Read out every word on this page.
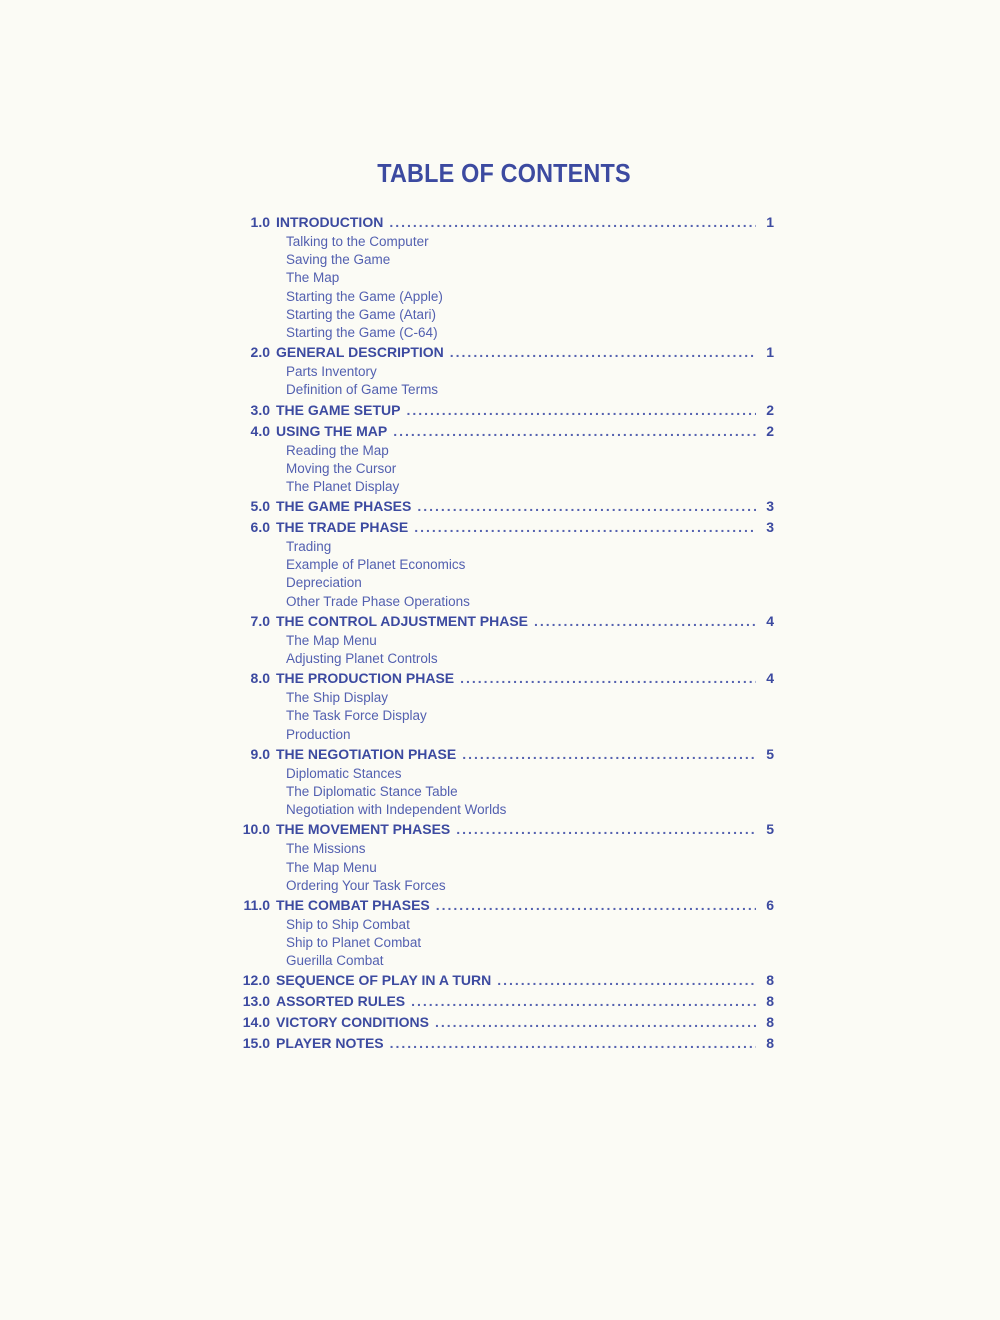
TABLE OF CONTENTS
1.0 INTRODUCTION .....	1
Talking to the Computer
Saving the Game
The Map
Starting the Game (Apple)
Starting the Game (Atari)
Starting the Game (C-64)
2.0 GENERAL DESCRIPTION .....	1
Parts Inventory
Definition of Game Terms
3.0 THE GAME SETUP .....	2
4.0 USING THE MAP .....	2
Reading the Map
Moving the Cursor
The Planet Display
5.0 THE GAME PHASES .....	3
6.0 THE TRADE PHASE .....	3
Trading
Example of Planet Economics
Depreciation
Other Trade Phase Operations
7.0 THE CONTROL ADJUSTMENT PHASE .....	4
The Map Menu
Adjusting Planet Controls
8.0 THE PRODUCTION PHASE .....	4
The Ship Display
The Task Force Display
Production
9.0 THE NEGOTIATION PHASE .....	5
Diplomatic Stances
The Diplomatic Stance Table
Negotiation with Independent Worlds
10.0 THE MOVEMENT PHASES .....	5
The Missions
The Map Menu
Ordering Your Task Forces
11.0 THE COMBAT PHASES .....	6
Ship to Ship Combat
Ship to Planet Combat
Guerilla Combat
12.0 SEQUENCE OF PLAY IN A TURN .....	8
13.0 ASSORTED RULES .....	8
14.0 VICTORY CONDITIONS .....	8
15.0 PLAYER NOTES .....	8
